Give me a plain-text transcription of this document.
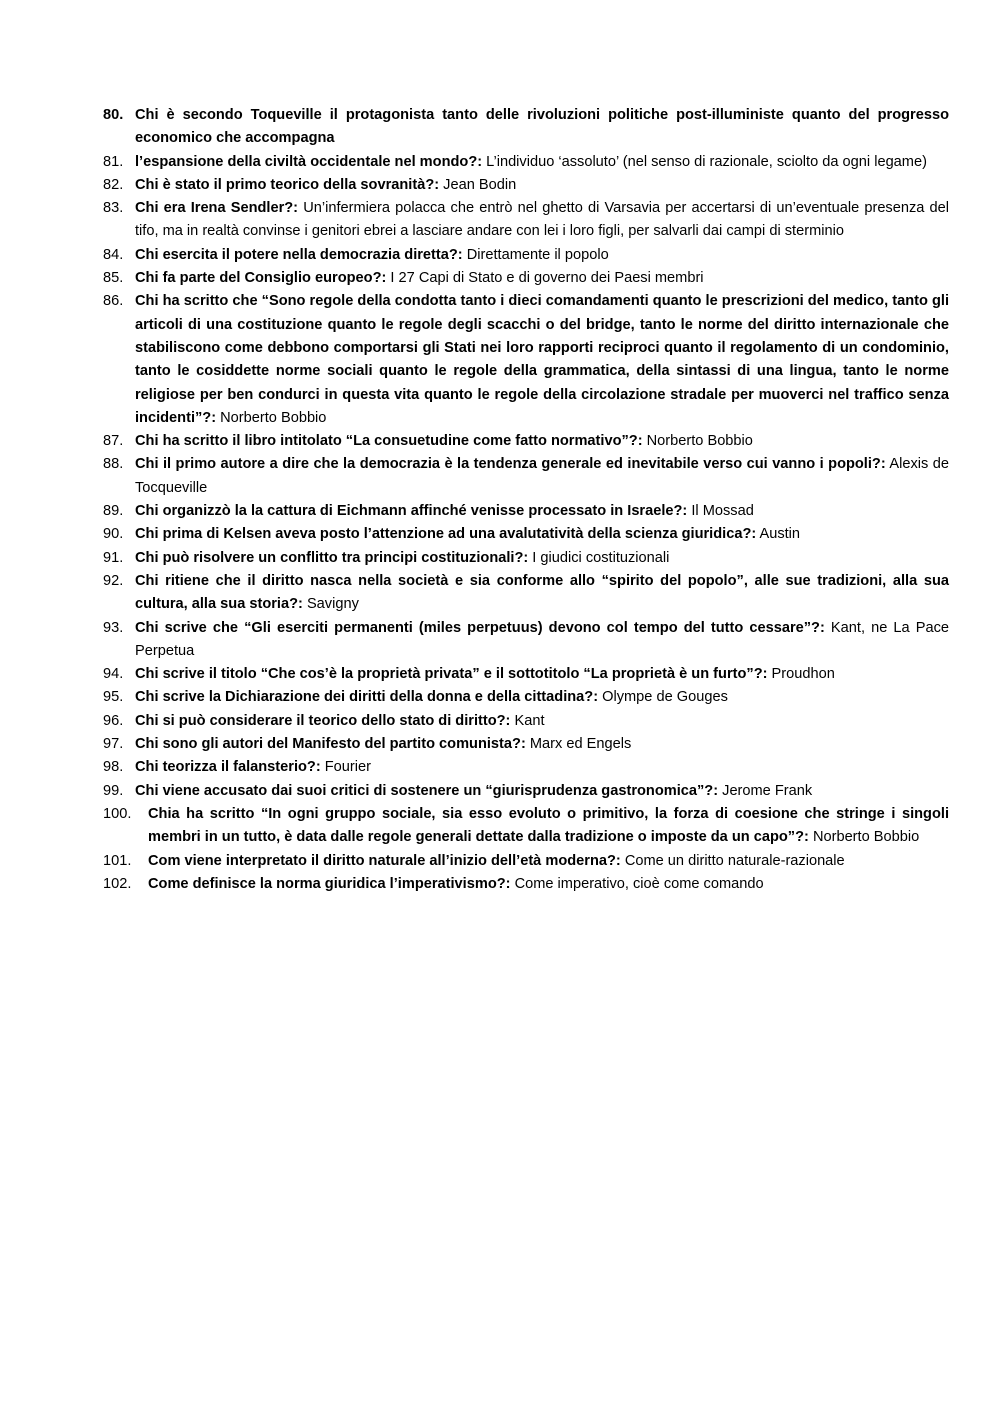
80. Chi è secondo Toqueville il protagonista tanto delle rivoluzioni politiche post-illuministe quanto del progresso economico che accompagna
81. l’espansione della civiltà occidentale nel mondo?: L’individuo ‘assoluto’ (nel senso di razionale, sciolto da ogni legame)
82. Chi è stato il primo teorico della sovranità?: Jean Bodin
83. Chi era Irena Sendler?: Un’infermiera polacca che entrò nel ghetto di Varsavia per accertarsi di un’eventuale presenza del tifo, ma in realtà convinse i genitori ebrei a lasciare andare con lei i loro figli, per salvarli dai campi di sterminio
84. Chi esercita il potere nella democrazia diretta?: Direttamente il popolo
85. Chi fa parte del Consiglio europeo?: I 27 Capi di Stato e di governo dei Paesi membri
86. Chi ha scritto che “Sono regole della condotta tanto i dieci comandamenti quanto le prescrizioni del medico, tanto gli articoli di una costituzione quanto le regole degli scacchi o del bridge, tanto le norme del diritto internazionale che stabiliscono come debbono comportarsi gli Stati nei loro rapporti reciproci quanto il regolamento di un condominio, tanto le cosiddette norme sociali quanto le regole della grammatica, della sintassi di una lingua, tanto le norme religiose per ben condurci in questa vita quanto le regole della circolazione stradale per muoverci nel traffico senza incidenti”?: Norberto Bobbio
87. Chi ha scritto il libro intitolato “La consuetudine come fatto normativo”?: Norberto Bobbio
88. Chi il primo autore a dire che la democrazia è la tendenza generale ed inevitabile verso cui vanno i popoli?: Alexis de Tocqueville
89. Chi organizzò la la cattura di Eichmann affinché venisse processato in Israele?: Il Mossad
90. Chi prima di Kelsen aveva posto l’attenzione ad una avalutatività della scienza giuridica?: Austin
91. Chi può risolvere un conflitto tra principi costituzionali?: I giudici costituzionali
92. Chi ritiene che il diritto nasca nella società e sia conforme allo “spirito del popolo”, alle sue tradizioni, alla sua cultura, alla sua storia?: Savigny
93. Chi scrive che “Gli eserciti permanenti (miles perpetuus) devono col tempo del tutto cessare”?: Kant, ne La Pace Perpetua
94. Chi scrive il titolo “Che cos’è la proprietà privata” e il sottotitolo “La proprietà è un furto”?: Proudhon
95. Chi scrive la Dichiarazione dei diritti della donna e della cittadina?: Olympe de Gouges
96. Chi si può considerare il teorico dello stato di diritto?: Kant
97. Chi sono gli autori del Manifesto del partito comunista?: Marx ed Engels
98. Chi teorizza il falansterio?: Fourier
99. Chi viene accusato dai suoi critici di sostenere un “giurisprudenza gastronomica”?: Jerome Frank
100.	Chia ha scritto “In ogni gruppo sociale, sia esso evoluto o primitivo, la forza di coesione che stringe i singoli membri in un tutto, è data dalle regole generali dettate dalla tradizione o imposte da un capo”?: Norberto Bobbio
101.	Com viene interpretato il diritto naturale all’inizio dell’età moderna?: Come un diritto naturale-razionale
102.	Come definisce la norma giuridica l’imperativismo?: Come imperativo, cioè come comando
